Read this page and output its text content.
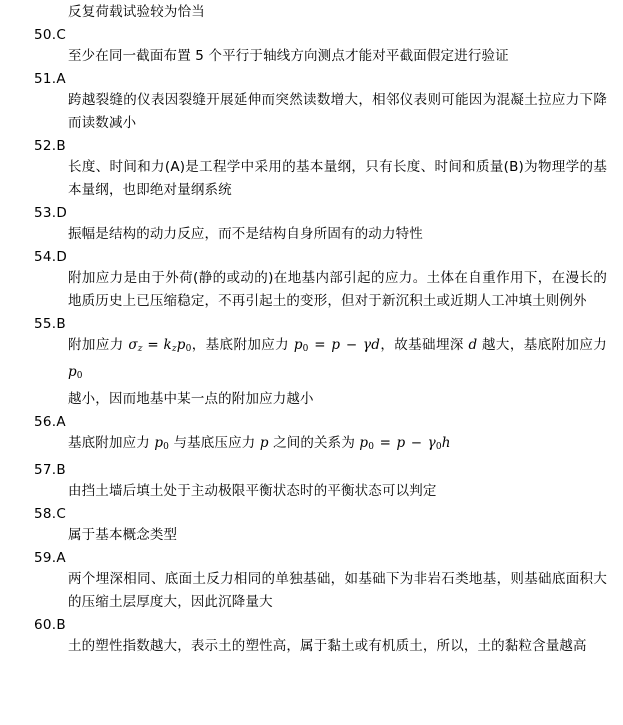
反复荷载试验较为恰当
50.C
至少在同一截面布置 5 个平行于轴线方向测点才能对平截面假定进行验证
51.A
跨越裂缝的仪表因裂缝开展延伸而突然读数增大，相邻仪表则可能因为混凝土拉应力下降而读数减小
52.B
长度、时间和力(A)是工程学中采用的基本量纲，只有长度、时间和质量(B)为物理学的基本量纲，也即绝对量纲系统
53.D
振幅是结构的动力反应，而不是结构自身所固有的动力特性
54.D
附加应力是由于外荷(静的或动的)在地基内部引起的应力。土体在自重作用下，在漫长的地质历史上已压缩稳定，不再引起土的变形，但对于新沉积土或近期人工冲填土则例外
55.B
附加应力 $\sigma_z = k_zp_0$，基底附加应力 $p_0 = p - \gamma d$，故基础埋深 d 越大，基底附加应力 $p_0$
越小，因而地基中某一点的附加应力越小
56.A
基底附加应力 $p_0$ 与基底压应力 p 之间的关系为 $p_0 = p - \gamma_0h$
57.B
由挡土墙后填土处于主动极限平衡状态时的平衡状态可以判定
58.C
属于基本概念类型
59.A
两个埋深相同、底面土反力相同的单独基础，如基础下为非岩石类地基，则基础底面积大的压缩土层厚度大，因此沉降量大
60.B
土的塑性指数越大，表示土的塑性高，属于黏土或有机质土，所以，土的黏粒含量越高
